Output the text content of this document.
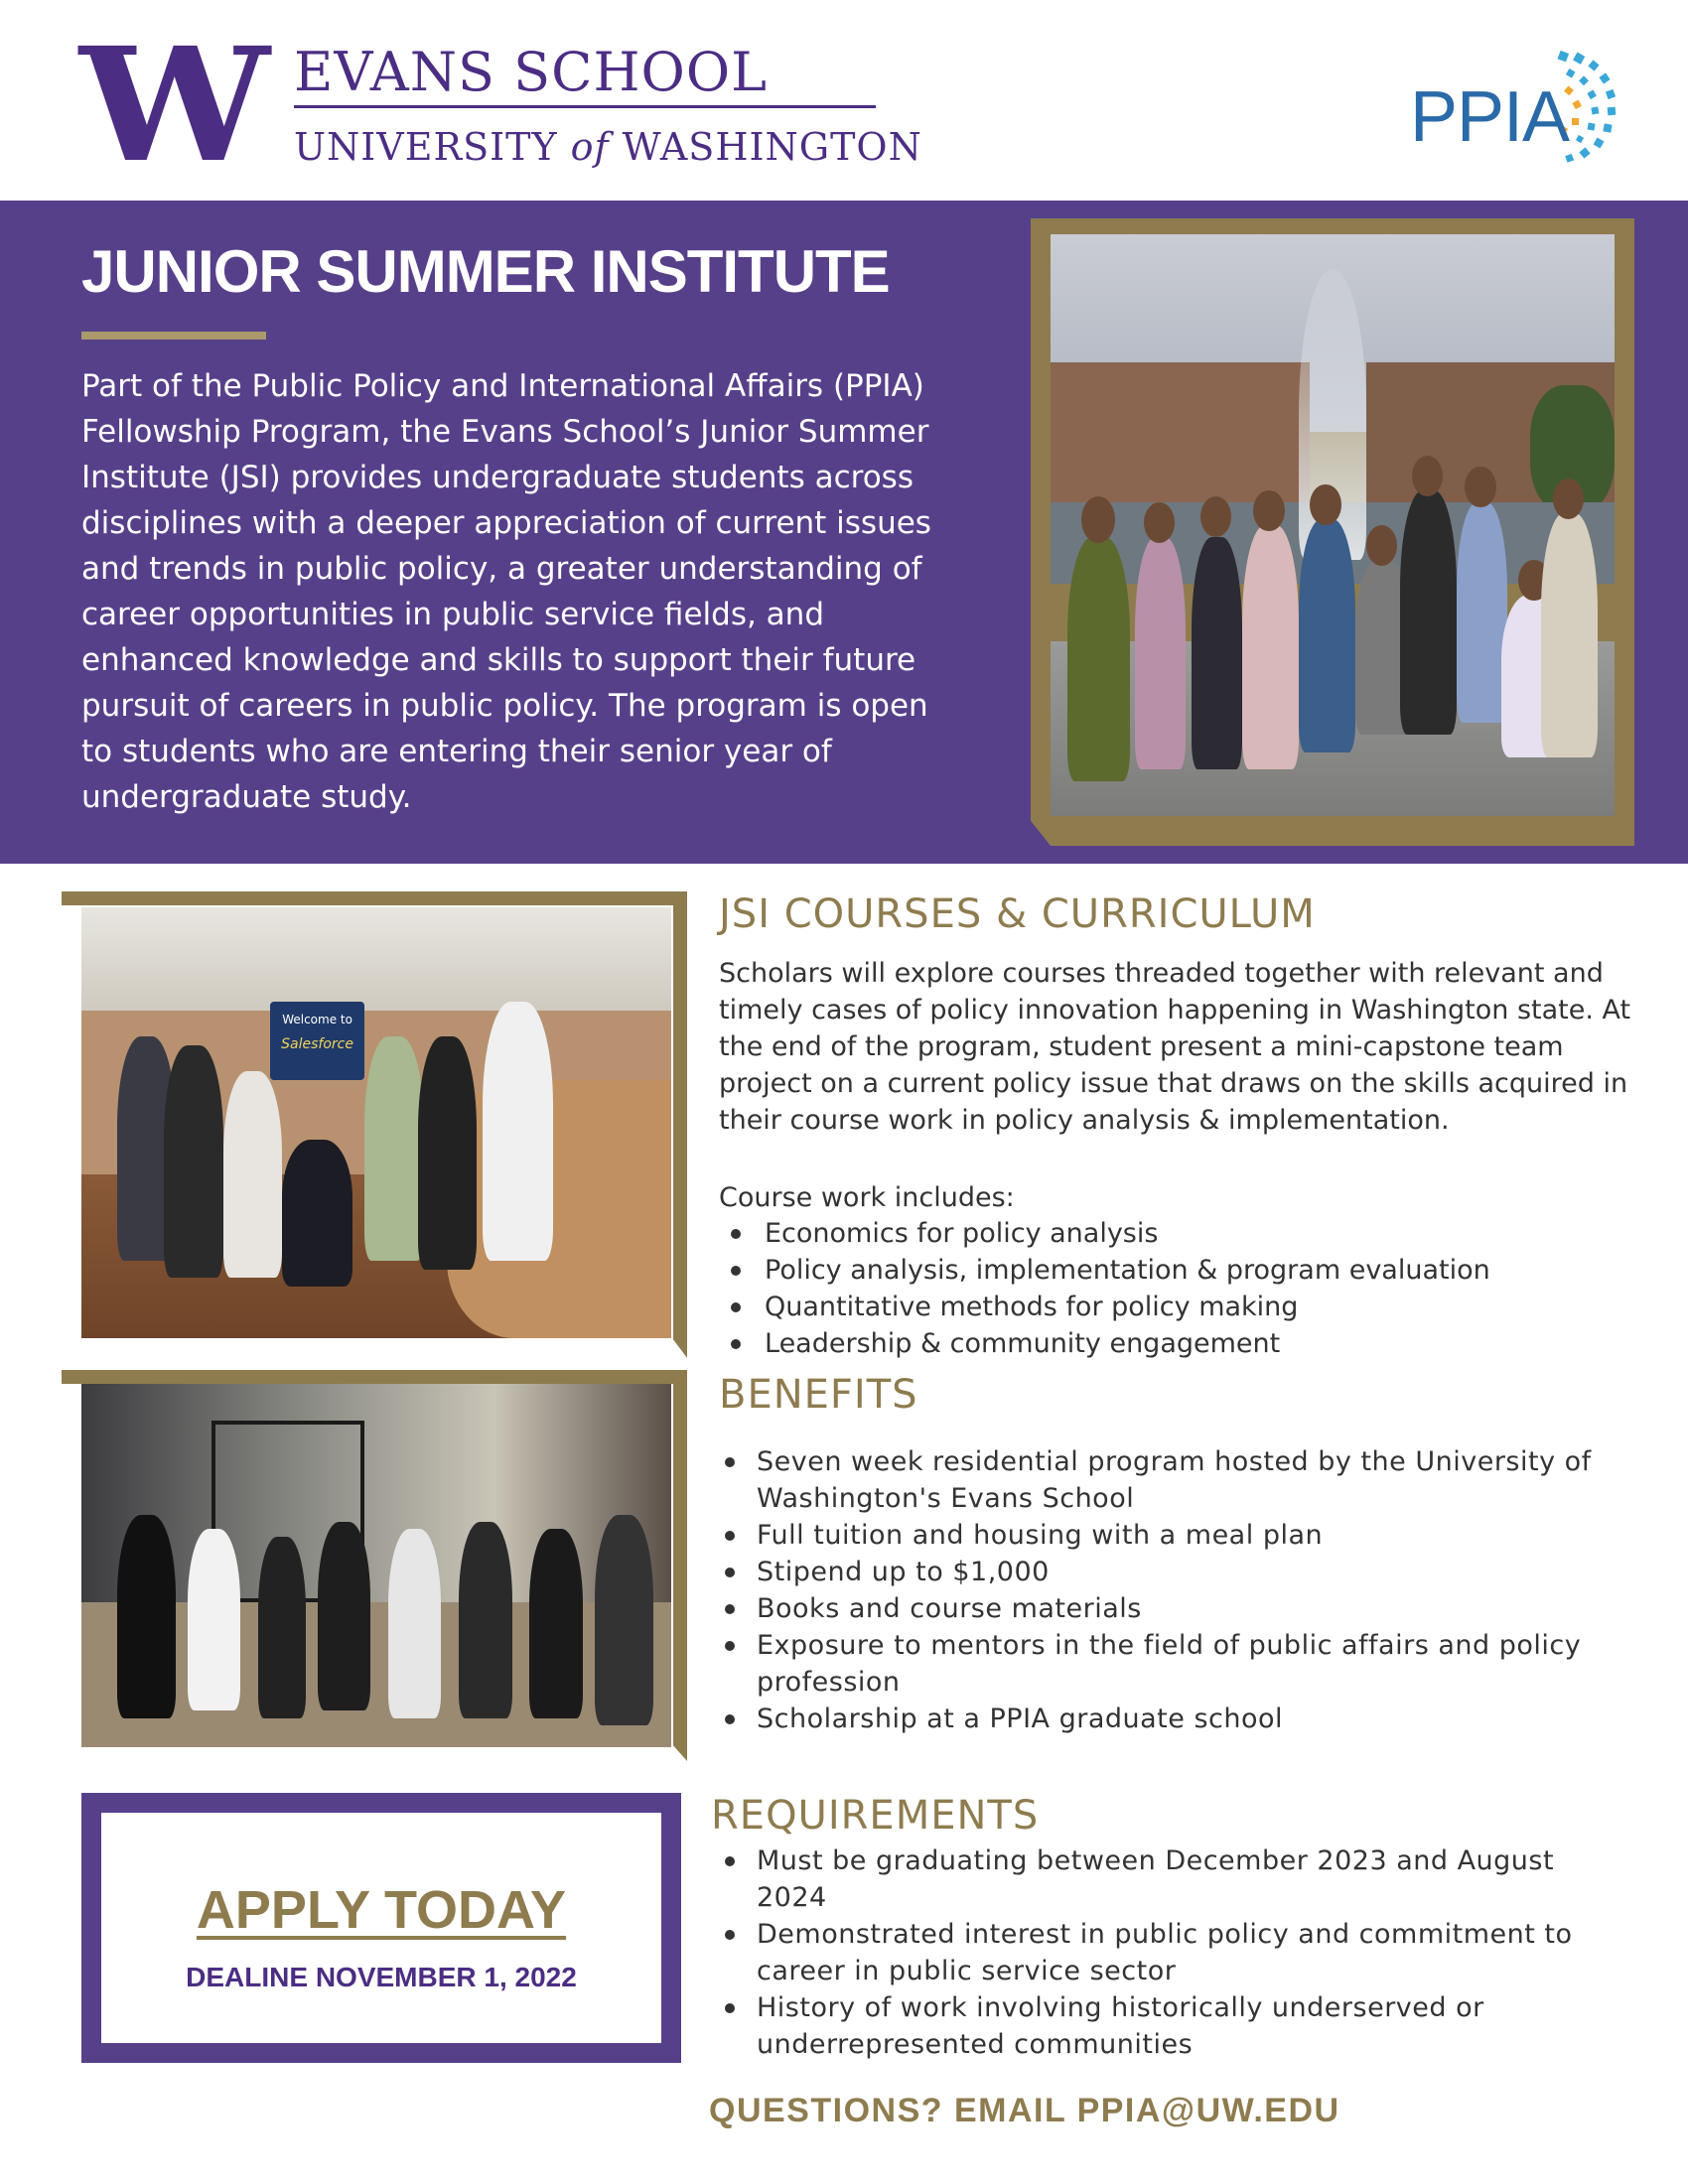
W EVANS SCHOOL
UNIVERSITY of WASHINGTON	PPIA
JUNIOR SUMMER INSTITUTE
Part of the Public Policy and International Affairs (PPIA) Fellowship Program, the Evans School’s Junior Summer Institute (JSI) provides undergraduate students across disciplines with a deeper appreciation of current issues and trends in public policy, a greater understanding of career opportunities in public service fields, and enhanced knowledge and skills to support their future pursuit of careers in public policy. The program is open to students who are entering their senior year of undergraduate study.
Welcome to
Salesforce
JSI COURSES & CURRICULUM
Scholars will explore courses threaded together with relevant and timely cases of policy innovation happening in Washington state. At the end of the program, student present a mini-capstone team project on a current policy issue that draws on the skills acquired in their course work in policy analysis & implementation.
Course work includes:
Economics for policy analysis
Policy analysis, implementation & program evaluation
Quantitative methods for policy making
Leadership & community engagement
BENEFITS
Seven week residential program hosted by the University of Washington's Evans School
Full tuition and housing with a meal plan
Stipend up to $1,000
Books and course materials
Exposure to mentors in the field of public affairs and policy profession
Scholarship at a PPIA graduate school
REQUIREMENTS
Must be graduating between December 2023 and August 2024
Demonstrated interest in public policy and commitment to career in public service sector
History of work involving historically underserved or underrepresented communities
APPLY TODAY
DEALINE NOVEMBER 1, 2022
QUESTIONS? EMAIL PPIA@UW.EDU
